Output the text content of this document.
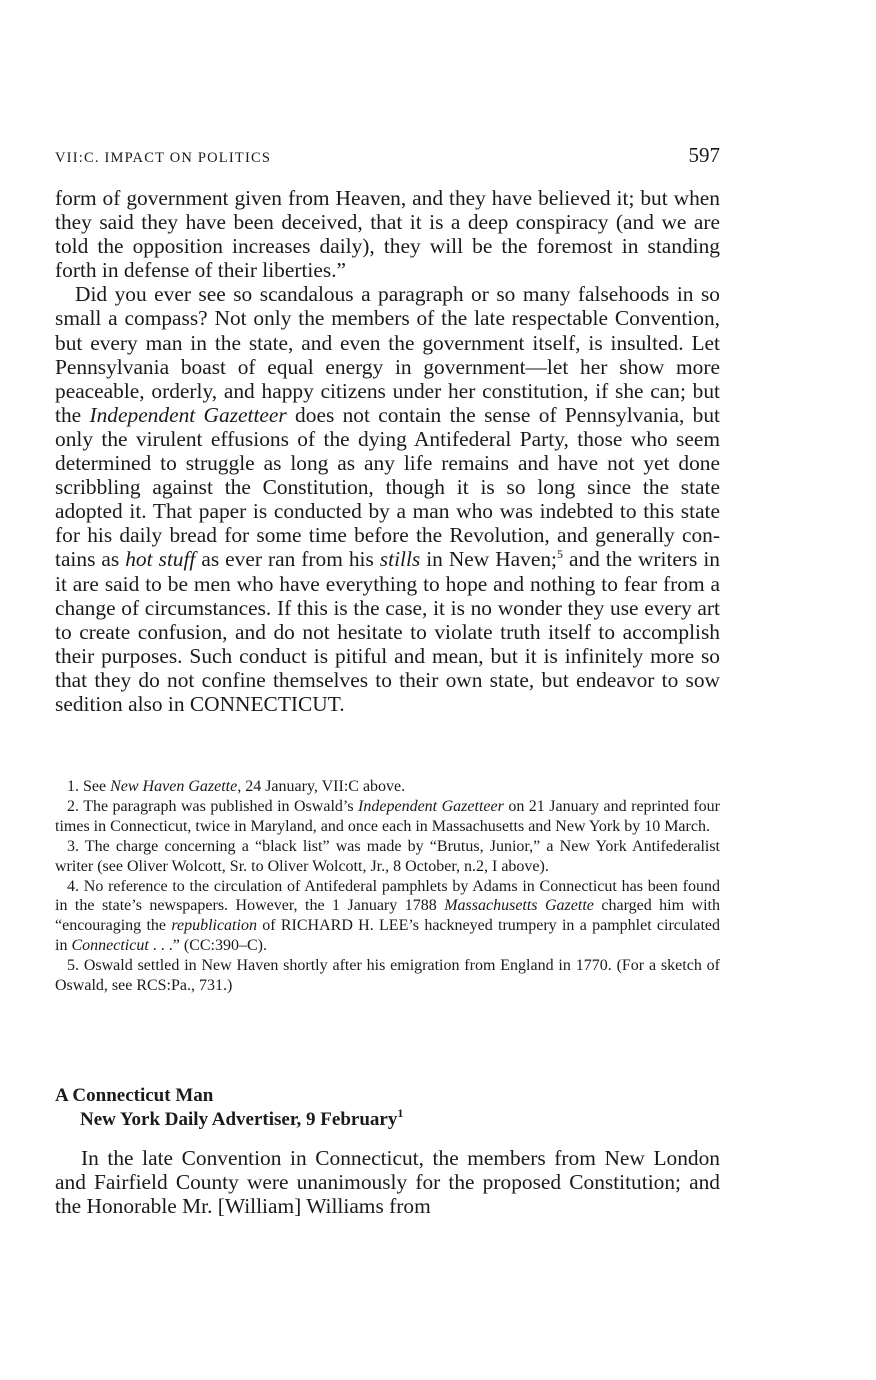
VII:C. IMPACT ON POLITICS	597

form of government given from Heaven, and they have believed it; but when they said they have been deceived, that it is a deep conspiracy (and we are told the opposition increases daily), they will be the foremost in standing forth in defense of their liberties.”

Did you ever see so scandalous a paragraph or so many falsehoods in so small a compass? Not only the members of the late respectable Convention, but every man in the state, and even the government itself, is insulted. Let Pennsylvania boast of equal energy in government—let her show more peaceable, orderly, and happy citizens under her constitution, if she can; but the Independent Gazetteer does not contain the sense of Pennsylvania, but only the virulent effusions of the dying Antifederal Party, those who seem determined to struggle as long as any life remains and have not yet done scribbling against the Constitution, though it is so long since the state adopted it. That paper is conducted by a man who was indebted to this state for his daily bread for some time before the Revolution, and generally contains as hot stuff as ever ran from his stills in New Haven;$^5$ and the writers in it are said to be men who have everything to hope and nothing to fear from a change of circumstances. If this is the case, it is no wonder they use every art to create confusion, and do not hesitate to violate truth itself to accomplish their purposes. Such conduct is pitiful and mean, but it is infinitely more so that they do not confine themselves to their own state, but endeavor to sow sedition also in CONNECTICUT.

1. See New Haven Gazette, 24 January, VII:C above.

2. The paragraph was published in Oswald’s Independent Gazetteer on 21 January and reprinted four times in Connecticut, twice in Maryland, and once each in Massachusetts and New York by 10 March.

3. The charge concerning a “black list” was made by “Brutus, Junior,” a New York Antifederalist writer (see Oliver Wolcott, Sr. to Oliver Wolcott, Jr., 8 October, n.2, I above).

4. No reference to the circulation of Antifederal pamphlets by Adams in Connecticut has been found in the state’s newspapers. However, the 1 January 1788 Massachusetts Gazette charged him with “encouraging the republication of RICHARD H. LEE’s hackneyed trumpery in a pamphlet circulated in Connecticut . . .” (CC:390–C).

5. Oswald settled in New Haven shortly after his emigration from England in 1770. (For a sketch of Oswald, see RCS:Pa., 731.)

A Connecticut Man
New York Daily Advertiser, 9 February$^1$

In the late Convention in Connecticut, the members from New London and Fairfield County were unanimously for the proposed Constitution; and the Honorable Mr. [William] Williams from
